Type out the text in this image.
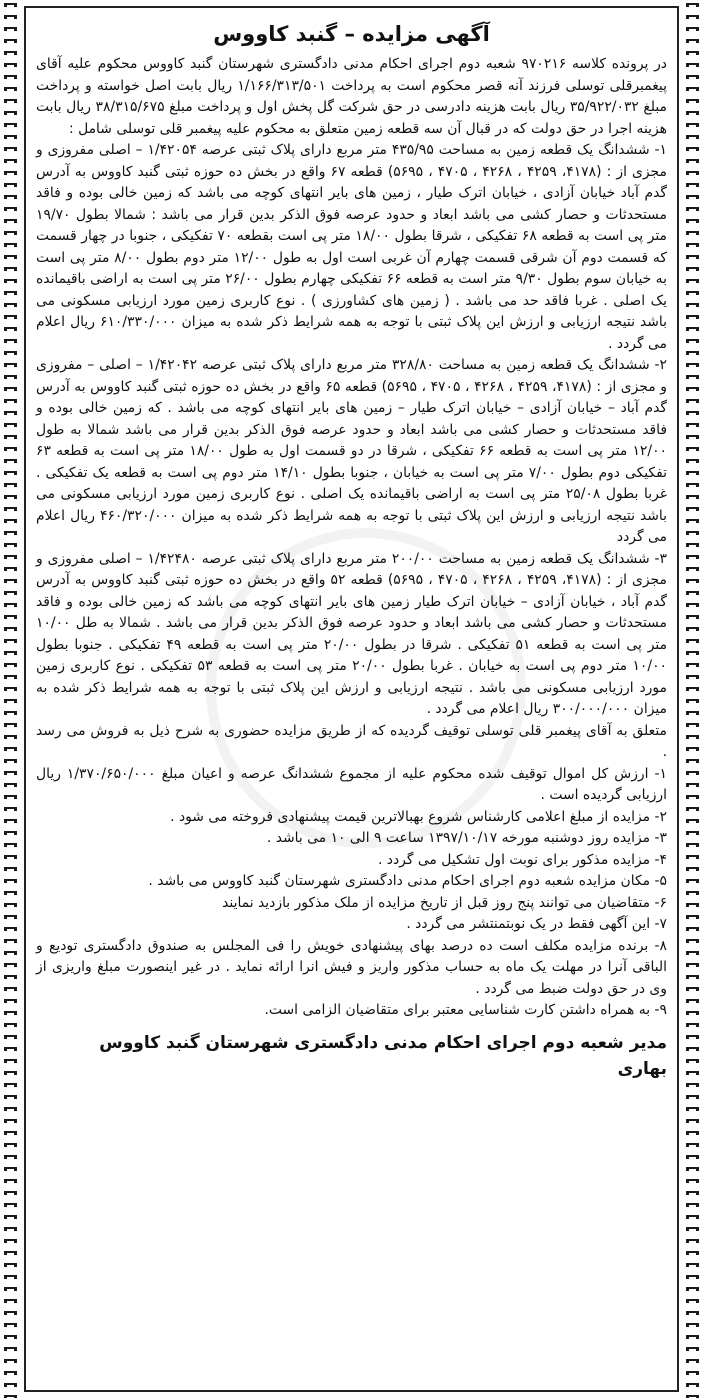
آگهی مزایده – گنبد کاووس

در پرونده کلاسه ۹۷۰۲۱۶ شعبه دوم اجرای احکام مدنی دادگستری شهرستان گنبد کاووس محکوم علیه آقای پیغمبرقلی توسلی فرزند آنه قصر محکوم است به پرداخت ۱/۱۶۶/۳۱۳/۵۰۱ ریال بابت اصل خواسته و پرداخت مبلغ ۳۵/۹۲۲/۰۳۲ ریال بابت هزینه دادرسی در حق شرکت گل پخش اول و پرداخت مبلغ ۳۸/۳۱۵/۶۷۵ ریال بابت هزینه اجرا در حق دولت که در قبال آن سه قطعه زمین متعلق به محکوم علیه پیغمبر قلی توسلی شامل :

۱- ششدانگ یک قطعه زمین به مساحت ۴۳۵/۹۵ متر مربع دارای پلاک ثبتی عرصه ۱/۴۲۰۵۴ – اصلی مفروزی و مجزی از : (۴۱۷۸، ۴۲۵۹ ، ۴۲۶۸ ، ۴۷۰۵ ، ۵۶۹۵) قطعه ۶۷ واقع در بخش ده حوزه ثبتی گنبد کاووس به آدرس گدم آباد خیابان آزادی ، خیابان اترک طیار ، زمین های بایر انتهای کوچه می باشد که زمین خالی بوده و فاقد مستحدثات و حصار کشی می باشد ابعاد و حدود عرصه فوق الذکر بدین قرار می باشد : شمالا بطول ۱۹/۷۰ متر پی است به قطعه ۶۸ تفکیکی ، شرقا بطول ۱۸/۰۰ متر پی است بقطعه ۷۰ تفکیکی ، جنوبا در چهار قسمت که قسمت دوم آن شرقی قسمت چهارم آن غربی است اول به طول ۱۲/۰۰ متر دوم بطول ۸/۰۰ متر پی است به خیابان سوم بطول ۹/۳۰ متر است به قطعه ۶۶ تفکیکی چهارم بطول ۲۶/۰۰ متر پی است به اراضی باقیمانده یک اصلی . غربا فاقد حد می باشد . ( زمین های کشاورزی ) . نوع کاربری زمین مورد ارزیابی مسکونی می باشد نتیجه ارزیابی و ارزش این پلاک ثبتی با توجه به همه شرایط ذکر شده به میزان ۶۱۰/۳۳۰/۰۰۰ ریال اعلام می گردد .

۲- ششدانگ یک قطعه زمین به مساحت ۳۲۸/۸۰ متر مربع دارای پلاک ثبتی عرصه ۱/۴۲۰۴۲ – اصلی – مفروزی و مجزی از : (۴۱۷۸، ۴۲۵۹ ، ۴۲۶۸ ، ۴۷۰۵ ، ۵۶۹۵) قطعه ۶۵ واقع در بخش ده حوزه ثبتی گنبد کاووس به آدرس گدم آباد – خیابان آزادی – خیابان اترک طیار – زمین های بایر انتهای کوچه می باشد . که زمین خالی بوده و فاقد مستحدثات و حصار کشی می باشد ابعاد و حدود عرصه فوق الذکر بدین قرار می باشد شمالا به طول ۱۲/۰۰ متر پی است به قطعه ۶۶ تفکیکی ، شرقا در دو قسمت اول به طول ۱۸/۰۰ متر پی است به قطعه ۶۳ تفکیکی دوم بطول ۷/۰۰ متر پی است به خیابان ، جنوبا بطول ۱۴/۱۰ متر دوم پی است به قطعه یک تفکیکی . غربا بطول ۲۵/۰۸ متر پی است به اراضی باقیمانده یک اصلی . نوع کاربری زمین مورد ارزیابی مسکونی می باشد نتیجه ارزیابی و ارزش این پلاک ثبتی با توجه به همه شرایط ذکر شده به میزان ۴۶۰/۳۲۰/۰۰۰ ریال اعلام می گردد

۳- ششدانگ یک قطعه زمین به مساحت ۲۰۰/۰۰ متر مربع دارای پلاک ثبتی عرصه ۱/۴۲۴۸۰ – اصلی مفروزی و مجزی از : (۴۱۷۸، ۴۲۵۹ ، ۴۲۶۸ ، ۴۷۰۵ ، ۵۶۹۵) قطعه ۵۲ واقع در بخش ده حوزه ثبتی گنبد کاووس به آدرس گدم آباد ، خیابان آزادی – خیابان اترک طیار زمین های بایر انتهای کوچه می باشد که زمین خالی بوده و فاقد مستحدثات و حصار کشی می باشد ابعاد و حدود عرصه فوق الذکر بدین قرار می باشد . شمالا به طل ۱۰/۰۰ متر پی است به قطعه ۵۱ تفکیکی . شرقا در بطول ۲۰/۰۰ متر پی است به قطعه ۴۹ تفکیکی . جنوبا بطول ۱۰/۰۰ متر دوم پی است به خیابان . غربا بطول ۲۰/۰۰ متر پی است به قطعه ۵۳ تفکیکی . نوع کاربری زمین مورد ارزیابی مسکونی می باشد . نتیجه ارزیابی و ارزش این پلاک ثبتی با توجه به همه شرایط ذکر شده به میزان ۳۰۰/۰۰۰/۰۰۰ ریال اعلام می گردد .

متعلق به آقای پیغمبر قلی توسلی توقیف گردیده که از طریق مزایده حضوری به شرح ذیل به فروش می رسد .

۱- ارزش کل اموال توقیف شده محکوم علیه از مجموع ششدانگ عرصه و اعیان مبلغ ۱/۳۷۰/۶۵۰/۰۰۰ ریال ارزیابی گردیده است .

۲- مزایده از مبلغ اعلامی کارشناس شروع بهبالاترین قیمت پیشنهادی فروخته می شود .

۳- مزایده روز دوشنبه مورخه ۱۳۹۷/۱۰/۱۷ ساعت ۹ الی ۱۰ می باشد .

۴- مزایده مذکور برای نوبت اول تشکیل می گردد .

۵- مکان مزایده شعبه دوم اجرای احکام مدنی دادگستری شهرستان گنبد کاووس می باشد .

۶- متقاضیان می توانند پنج روز قبل از تاریخ مزایده از ملک مذکور بازدید نمایند

۷- این آگهی فقط در یک نوبتمنتشر می گردد .

۸- برنده مزایده مکلف است ده درصد بهای پیشنهادی خویش را فی المجلس به صندوق دادگستری تودیع و الباقی آنرا در مهلت یک ماه به حساب مذکور واریز و فیش انرا ارائه نماید . در غیر اینصورت مبلغ واریزی از وی در حق دولت ضبط می گردد .

۹- به همراه داشتن کارت شناسایی معتبر برای متقاضیان الزامی است.

مدیر شعبه دوم اجرای احکام مدنی دادگستری شهرستان گنبد کاووس
بهاری
